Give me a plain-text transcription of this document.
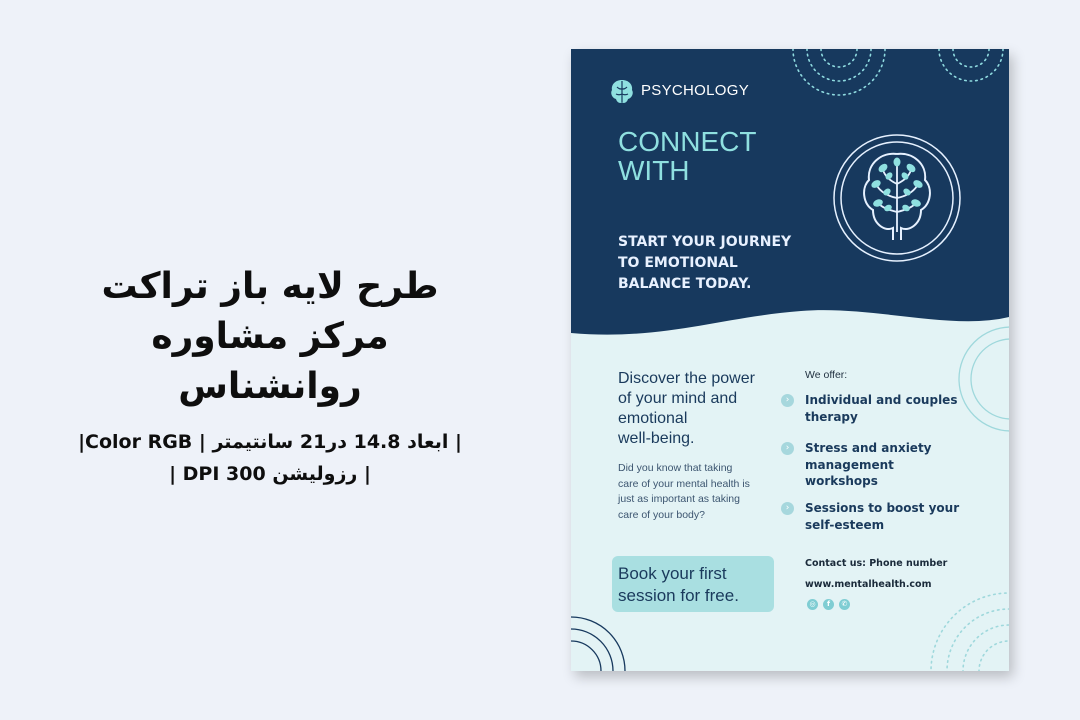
طرح لایه باز تراکت
مرکز مشاوره روانشناس
| ابعاد 14.8 در21 سانتیمتر | Color RGB|
| رزولیشن 300 DPI |
PSYCHOLOGY
CONNECT
WITH
START YOUR JOURNEY
TO EMOTIONAL
BALANCE TODAY.
Discover the power
of your mind and
emotional
well-being.
Did you know that taking
care of your mental health is
just as important as taking
care of your body?
We offer:
›	Individual and couples
therapy
›	Stress and anxiety
management
workshops
›	Sessions to boost your
self-esteem
Book your first
session for free.
Contact us: Phone number
www.mentalhealth.com
◎	f	✆
